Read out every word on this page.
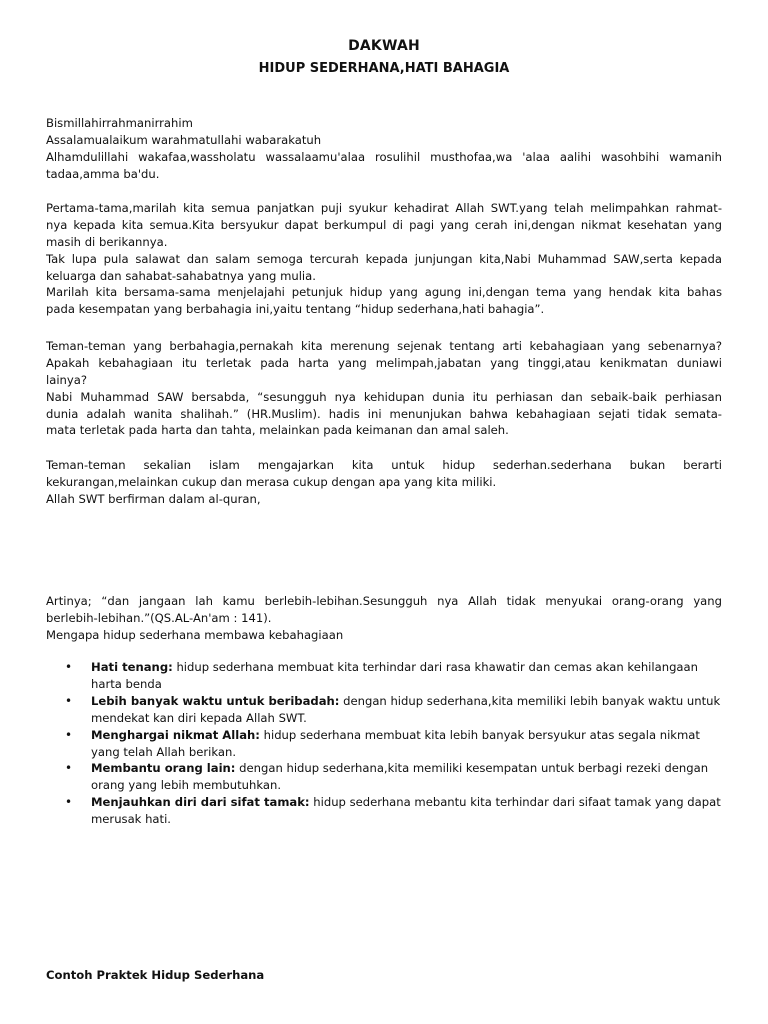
DAKWAH
HIDUP SEDERHANA,HATI BAHAGIA
Bismillahirrahmanirrahim
Assalamualaikum warahmatullahi wabarakatuh
Alhamdulillahi wakafaa,wassholatu wassalaamu'alaa rosulihil musthofaa,wa 'alaa aalihi wasohbihi wamanih
tadaa,amma ba'du.
Pertama-tama,marilah kita semua panjatkan puji syukur kehadirat Allah SWT.yang telah melimpahkan rahmat-
nya kepada kita semua.Kita bersyukur dapat berkumpul di pagi yang cerah ini,dengan nikmat kesehatan yang
masih di berikannya.
Tak lupa pula salawat dan salam semoga tercurah kepada junjungan kita,Nabi Muhammad SAW,serta kepada
keluarga dan sahabat-sahabatnya yang mulia.
Marilah kita bersama-sama menjelajahi petunjuk hidup yang agung ini,dengan tema yang hendak kita bahas
pada kesempatan yang berbahagia ini,yaitu tentang “hidup sederhana,hati bahagia”.
Teman-teman yang berbahagia,pernakah kita merenung sejenak tentang arti kebahagiaan yang sebenarnya?
Apakah kebahagiaan itu terletak pada harta yang melimpah,jabatan yang tinggi,atau kenikmatan duniawi
lainya?
Nabi Muhammad SAW bersabda, “sesungguh nya kehidupan dunia itu perhiasan dan sebaik-baik perhiasan
dunia adalah wanita shalihah.” (HR.Muslim). hadis ini menunjukan bahwa kebahagiaan sejati tidak semata-
mata terletak pada harta dan tahta, melainkan pada keimanan dan amal saleh.
Teman-teman sekalian islam mengajarkan kita untuk hidup sederhan.sederhana bukan berarti
kekurangan,melainkan cukup dan merasa cukup dengan apa yang kita miliki.
Allah SWT berfirman dalam al-quran,
Artinya; “dan jangaan lah kamu berlebih-lebihan.Sesungguh nya Allah tidak menyukai orang-orang yang
berlebih-lebihan.”(QS.AL-An'am : 141).
Mengapa hidup sederhana membawa kebahagiaan
• Hati tenang: hidup sederhana membuat kita terhindar dari rasa khawatir dan cemas akan kehilangaan harta benda
• Lebih banyak waktu untuk beribadah: dengan hidup sederhana,kita memiliki lebih banyak waktu untuk mendekat kan diri kepada Allah SWT.
• Menghargai nikmat Allah: hidup sederhana membuat kita lebih banyak bersyukur atas segala nikmat yang telah Allah berikan.
• Membantu orang lain: dengan hidup sederhana,kita memiliki kesempatan untuk berbagi rezeki dengan orang yang lebih membutuhkan.
• Menjauhkan diri dari sifat tamak: hidup sederhana mebantu kita terhindar dari sifaat tamak yang dapat merusak hati.
Contoh Praktek Hidup Sederhana
